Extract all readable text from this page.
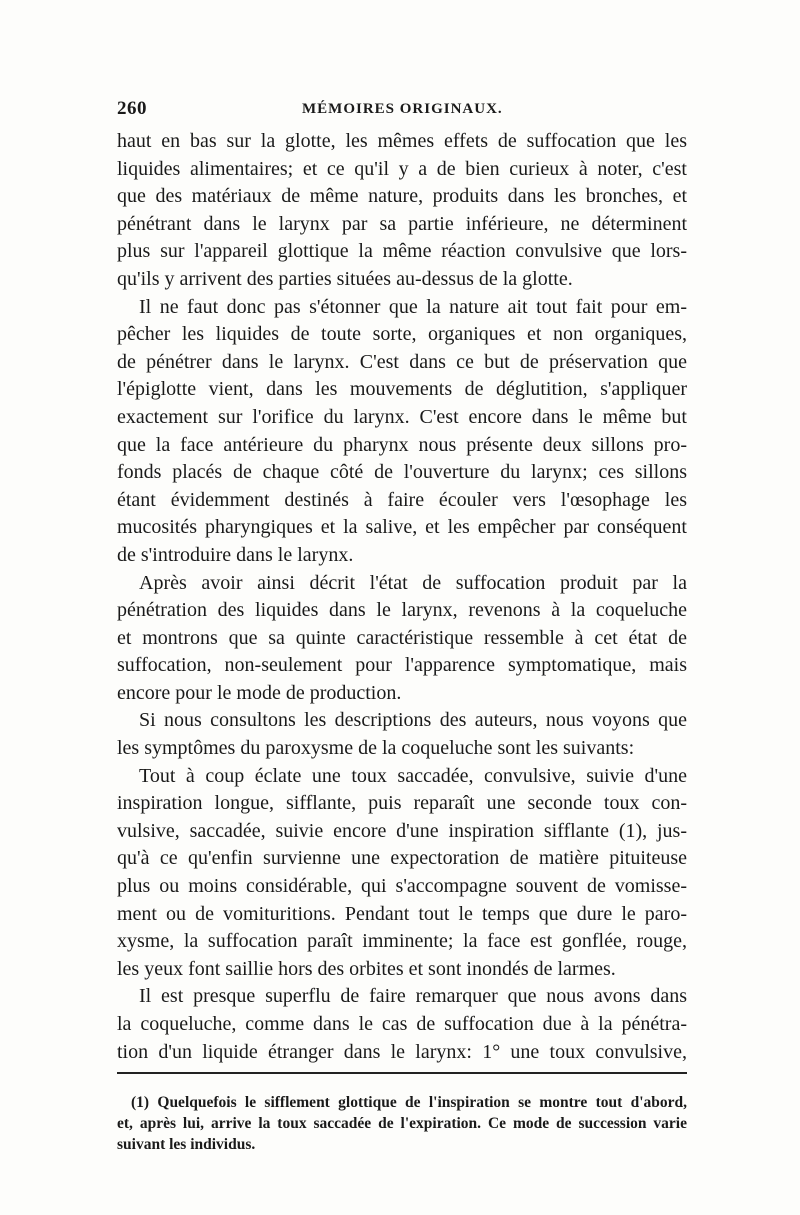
260	MÉMOIRES ORIGINAUX.
haut en bas sur la glotte, les mêmes effets de suffocation que les
liquides alimentaires; et ce qu'il y a de bien curieux à noter, c'est
que des matériaux de même nature, produits dans les bronches, et
pénétrant dans le larynx par sa partie inférieure, ne déterminent
plus sur l'appareil glottique la même réaction convulsive que lors-
qu'ils y arrivent des parties situées au-dessus de la glotte.
Il ne faut donc pas s'étonner que la nature ait tout fait pour em-
pêcher les liquides de toute sorte, organiques et non organiques,
de pénétrer dans le larynx. C'est dans ce but de préservation que
l'épiglotte vient, dans les mouvements de déglutition, s'appliquer
exactement sur l'orifice du larynx. C'est encore dans le même but
que la face antérieure du pharynx nous présente deux sillons pro-
fonds placés de chaque côté de l'ouverture du larynx; ces sillons
étant évidemment destinés à faire écouler vers l'œsophage les
mucosités pharyngiques et la salive, et les empêcher par conséquent
de s'introduire dans le larynx.
Après avoir ainsi décrit l'état de suffocation produit par la
pénétration des liquides dans le larynx, revenons à la coqueluche
et montrons que sa quinte caractéristique ressemble à cet état de
suffocation, non-seulement pour l'apparence symptomatique, mais
encore pour le mode de production.
Si nous consultons les descriptions des auteurs, nous voyons que
les symptômes du paroxysme de la coqueluche sont les suivants:
Tout à coup éclate une toux saccadée, convulsive, suivie d'une
inspiration longue, sifflante, puis reparaît une seconde toux con-
vulsive, saccadée, suivie encore d'une inspiration sifflante (1), jus-
qu'à ce qu'enfin survienne une expectoration de matière pituiteuse
plus ou moins considérable, qui s'accompagne souvent de vomisse-
ment ou de vomituritions. Pendant tout le temps que dure le paro-
xysme, la suffocation paraît imminente; la face est gonflée, rouge,
les yeux font saillie hors des orbites et sont inondés de larmes.
Il est presque superflu de faire remarquer que nous avons dans
la coqueluche, comme dans le cas de suffocation due à la pénétra-
tion d'un liquide étranger dans le larynx: 1° une toux convulsive,
(1) Quelquefois le sifflement glottique de l'inspiration se montre tout d'abord,
et, après lui, arrive la toux saccadée de l'expiration. Ce mode de succession varie
suivant les individus.
